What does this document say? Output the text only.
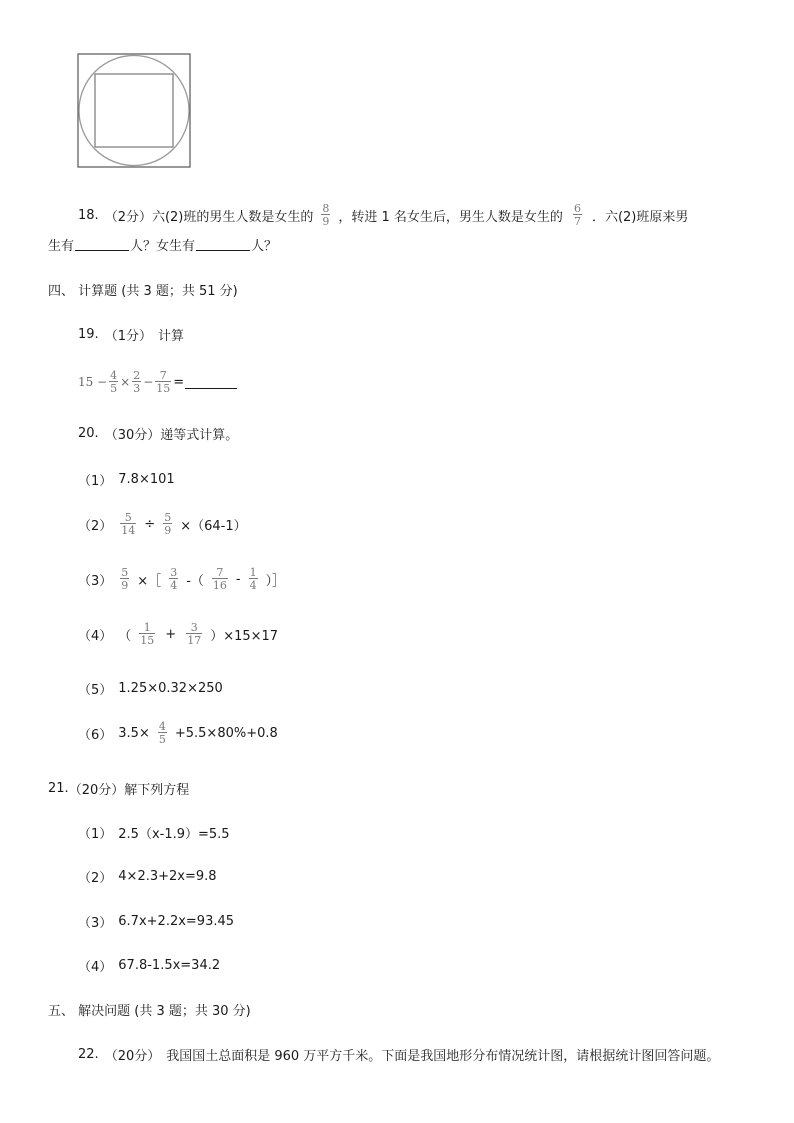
18. （2分） 六(2)班的男生人数是女生的 $\frac{8}{9}$ ，转进 1 名女生后，男生人数是女生的 $\frac{6}{7}$ ．六(2)班原来男
生有	人？女生有	人？
四、 计算题 (共 3 题；共 51 分)
19. （1分） 计算
$15 - \frac{4}{5} \times \frac{2}{3} - \frac{7}{15}$ =
20. （30分） 递等式计算。
（1） 7.8×101
$(2) \frac{5}{14} \div \frac{5}{9} \times(64-1)$
$(3) \frac{5}{9}$ ×［ $\frac{3}{4}$ -（ $\frac{7}{16} - \frac{1}{4}$ ）］
（4） （ $\frac{1}{15} + \frac{3}{17} )\times 15\times 17$
（5） 1.25×0.32×250
（6） $3.5\times \frac{4}{5} +5.5\times 80\%+0.8$
21. （20分） 解下列方程
（1） 2.5（x-1.9）=5.5
（2） 4×2.3+2x=9.8
（3） 6.7x+2.2x=93.45
（4） 67.8-1.5x=34.2
五、 解决问题 (共 3 题；共 30 分)
22. （20分） 我国国土总面积是 960 万平方千米。下面是我国地形分布情况统计图，请根据统计图回答问题。
